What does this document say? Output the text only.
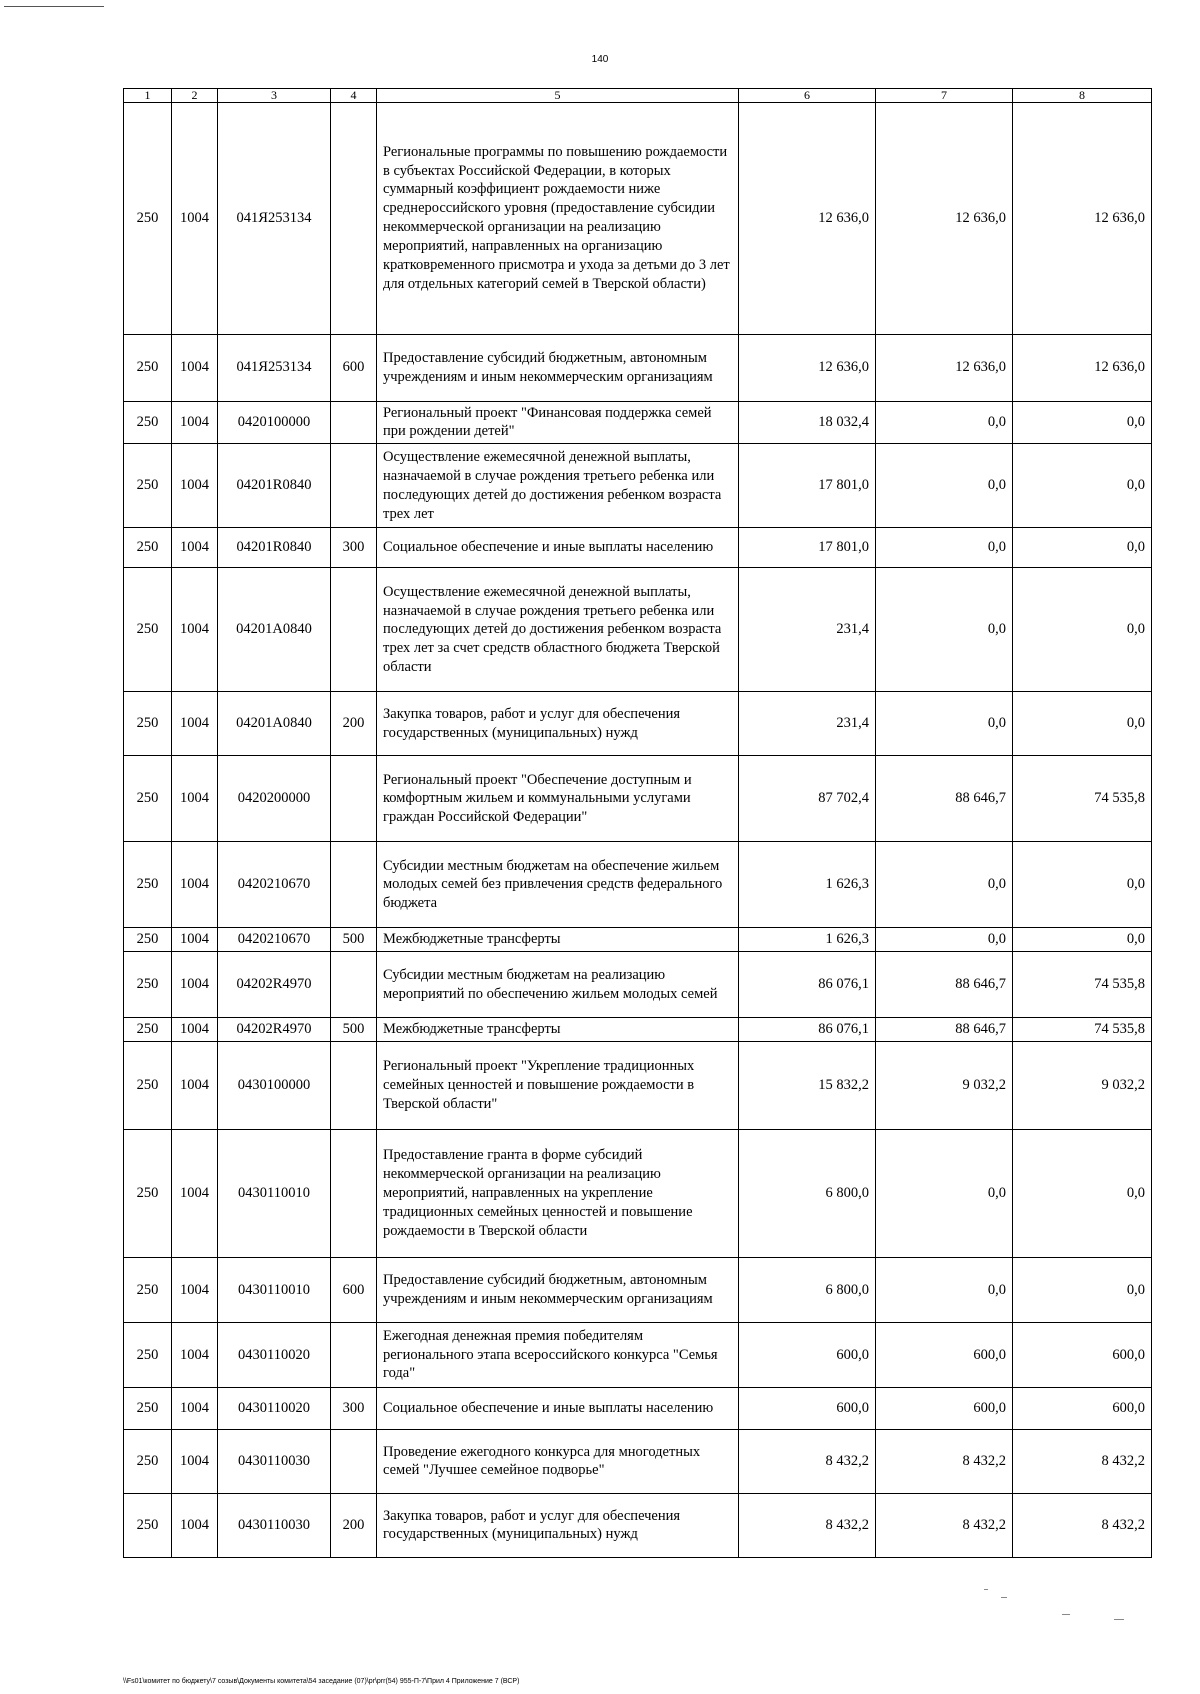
140
1	2	3	4	5	6	7	8
250	1004	041Я253134		Региональные программы по повышению рождаемости в субъектах Российской Федерации, в которых суммарный коэффициент рождаемости ниже среднероссийского уровня (предоставление субсидии некоммерческой организации на реализацию мероприятий, направленных на организацию кратковременного присмотра и ухода за детьми до 3 лет для отдельных категорий семей в Тверской области)	12 636,0	12 636,0	12 636,0
250	1004	041Я253134	600	Предоставление субсидий бюджетным, автономным учреждениям и иным некоммерческим организациям	12 636,0	12 636,0	12 636,0
250	1004	0420100000		Региональный проект "Финансовая поддержка семей при рождении детей"	18 032,4	0,0	0,0
250	1004	04201R0840		Осуществление ежемесячной денежной выплаты, назначаемой в случае рождения третьего ребенка или последующих детей до достижения ребенком возраста трех лет	17 801,0	0,0	0,0
250	1004	04201R0840	300	Социальное обеспечение и иные выплаты населению	17 801,0	0,0	0,0
250	1004	04201A0840		Осуществление ежемесячной денежной выплаты, назначаемой в случае рождения третьего ребенка или последующих детей до достижения ребенком возраста трех лет за счет средств областного бюджета Тверской области	231,4	0,0	0,0
250	1004	04201A0840	200	Закупка товаров, работ и услуг для обеспечения государственных (муниципальных) нужд	231,4	0,0	0,0
250	1004	0420200000		Региональный проект "Обеспечение доступным и комфортным жильем и коммунальными услугами граждан Российской Федерации"	87 702,4	88 646,7	74 535,8
250	1004	0420210670		Субсидии местным бюджетам на обеспечение жильем молодых семей без привлечения средств федерального бюджета	1 626,3	0,0	0,0
250	1004	0420210670	500	Межбюджетные трансферты	1 626,3	0,0	0,0
250	1004	04202R4970		Субсидии местным бюджетам на реализацию мероприятий по обеспечению жильем молодых семей	86 076,1	88 646,7	74 535,8
250	1004	04202R4970	500	Межбюджетные трансферты	86 076,1	88 646,7	74 535,8
250	1004	0430100000		Региональный проект "Укрепление традиционных семейных ценностей и повышение рождаемости в Тверской области"	15 832,2	9 032,2	9 032,2
250	1004	0430110010		Предоставление гранта в форме субсидий некоммерческой организации на реализацию мероприятий, направленных на укрепление традиционных семейных ценностей и повышение рождаемости в Тверской области	6 800,0	0,0	0,0
250	1004	0430110010	600	Предоставление субсидий бюджетным, автономным учреждениям и иным некоммерческим организациям	6 800,0	0,0	0,0
250	1004	0430110020		Ежегодная денежная премия победителям регионального этапа всероссийского конкурса "Семья года"	600,0	600,0	600,0
250	1004	0430110020	300	Социальное обеспечение и иные выплаты населению	600,0	600,0	600,0
250	1004	0430110030		Проведение ежегодного конкурса для многодетных семей "Лучшее семейное подворье"	8 432,2	8 432,2	8 432,2
250	1004	0430110030	200	Закупка товаров, работ и услуг для обеспечения государственных (муниципальных) нужд	8 432,2	8 432,2	8 432,2
\\Fs01\комитет по бюджету\7 созыв\Документы комитета\54 заседание (07)\pr\prr(54) 955-П-7\Прил 4 Приложение 7 (ВСР)
